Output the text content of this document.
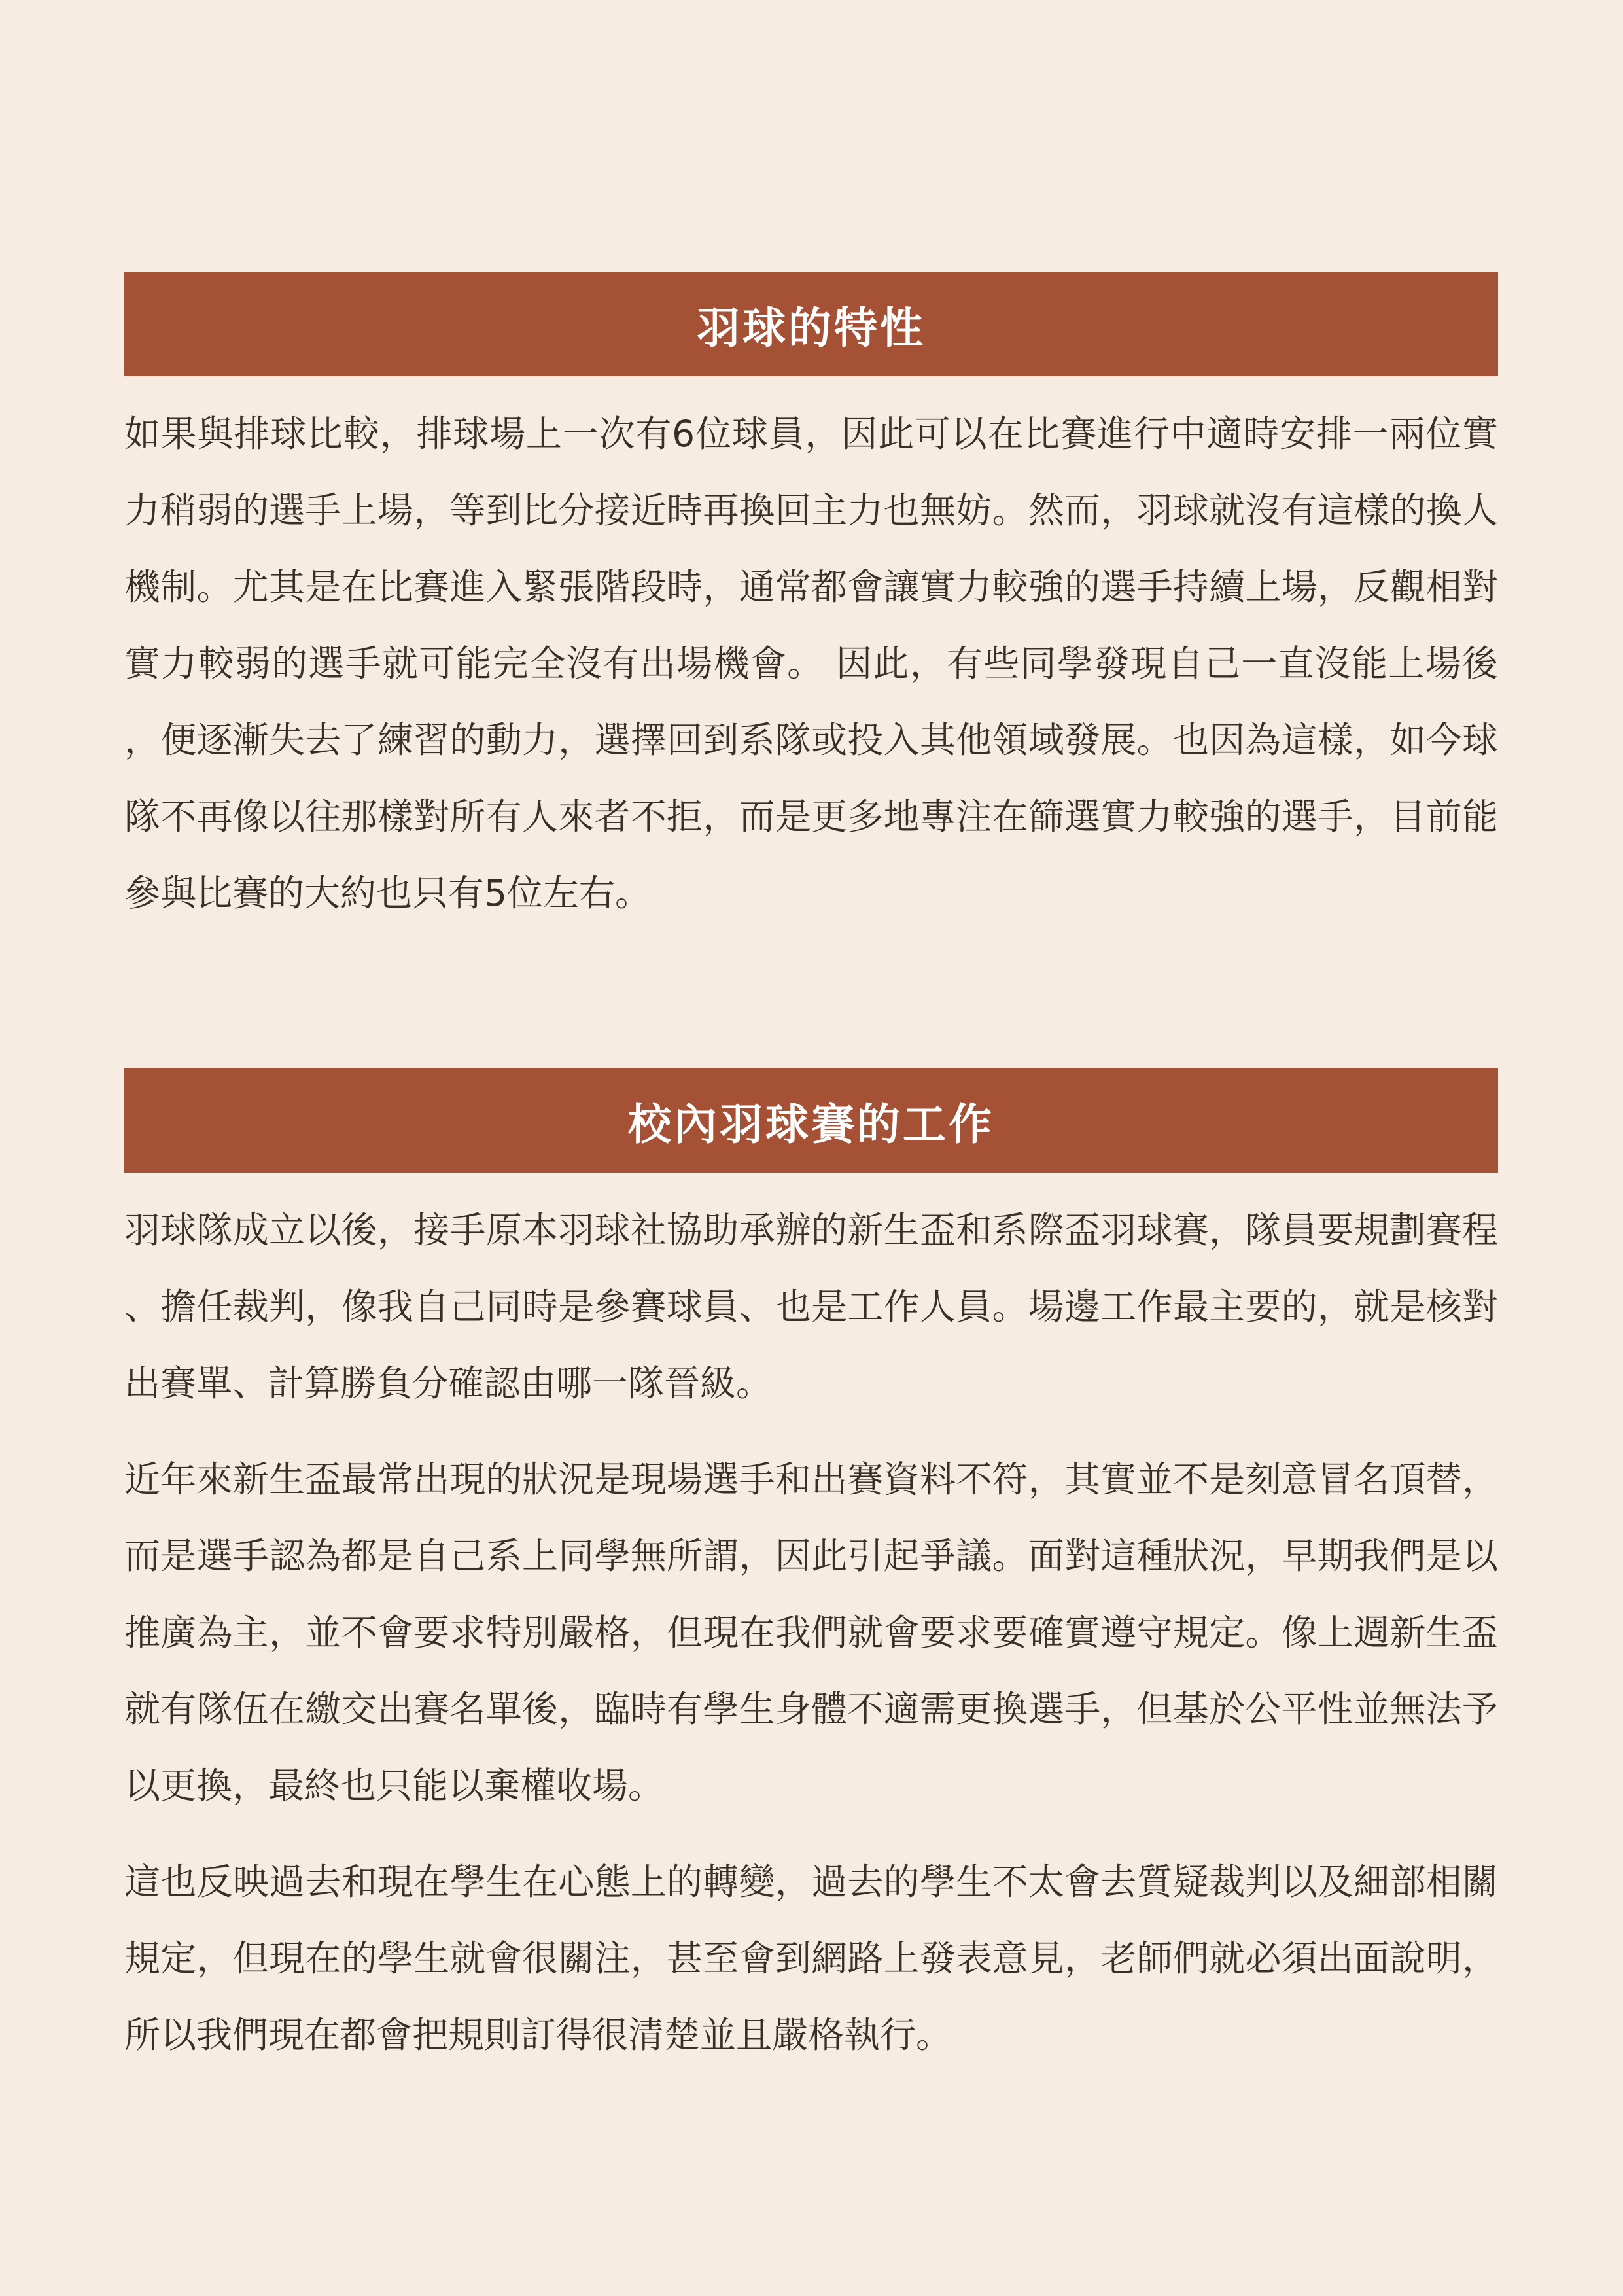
羽球的特性

如果與排球比較，排球場上一次有6位球員，因此可以在比賽進行中適時安排一兩位實力稍弱的選手上場，等到比分接近時再換回主力也無妨。然而，羽球就沒有這樣的換人機制。尤其是在比賽進入緊張階段時，通常都會讓實力較強的選手持續上場，反觀相對實力較弱的選手就可能完全沒有出場機會。 因此，有些同學發現自己一直沒能上場後，便逐漸失去了練習的動力，選擇回到系隊或投入其他領域發展。也因為這樣，如今球隊不再像以往那樣對所有人來者不拒，而是更多地專注在篩選實力較強的選手，目前能參與比賽的大約也只有5位左右。

校內羽球賽的工作

羽球隊成立以後，接手原本羽球社協助承辦的新生盃和系際盃羽球賽，隊員要規劃賽程、擔任裁判，像我自己同時是參賽球員、也是工作人員。場邊工作最主要的，就是核對出賽單、計算勝負分確認由哪一隊晉級。

近年來新生盃最常出現的狀況是現場選手和出賽資料不符，其實並不是刻意冒名頂替，而是選手認為都是自己系上同學無所謂，因此引起爭議。面對這種狀況，早期我們是以推廣為主，並不會要求特別嚴格，但現在我們就會要求要確實遵守規定。像上週新生盃就有隊伍在繳交出賽名單後，臨時有學生身體不適需更換選手，但基於公平性並無法予以更換，最終也只能以棄權收場。

這也反映過去和現在學生在心態上的轉變，過去的學生不太會去質疑裁判以及細部相關規定，但現在的學生就會很關注，甚至會到網路上發表意見，老師們就必須出面說明，所以我們現在都會把規則訂得很清楚並且嚴格執行。
